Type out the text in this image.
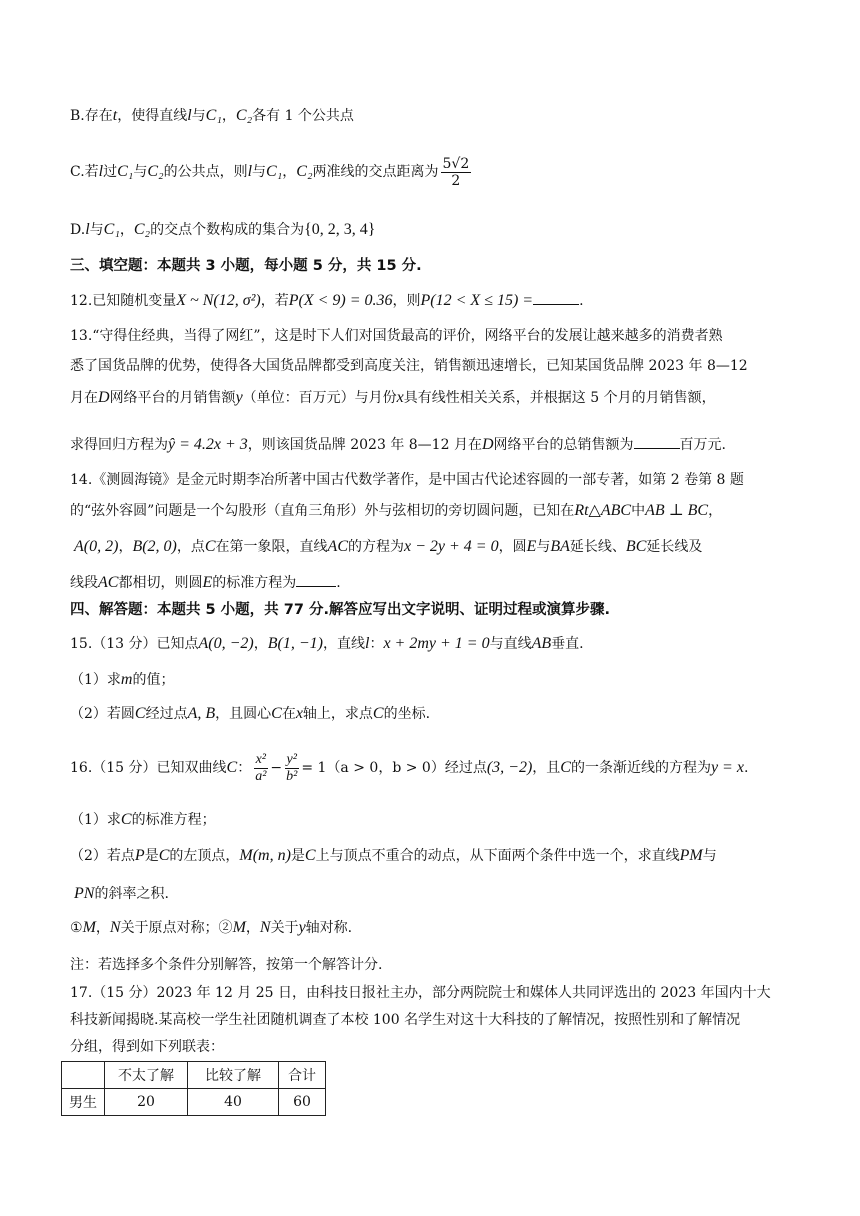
B.存在t，使得直线l与C₁，C₂各有 1 个公共点
C.若l过C₁与C₂的公共点，则l与C₁，C₂两准线的交点距离为 $\frac{5√2}{2}$
D.l与C₁，C₂的交点个数构成的集合为{0, 2, 3, 4}
三、填空题：本题共 3 小题，每小题 5 分，共 15 分.
12.已知随机变量X ~ N(12, σ²)，若P(X < 9) = 0.36，则P(12 < X ≤ 15) =	.
13.“守得住经典，当得了网红”，这是时下人们对国货最高的评价，网络平台的发展让越来越多的消费者熟
悉了国货品牌的优势，使得各大国货品牌都受到高度关注，销售额迅速增长，已知某国货品牌 2023 年 8—12
月在D网络平台的月销售额y（单位：百万元）与月份x具有线性相关关系，并根据这 5 个月的月销售额，
求得回归方程为ŷ = 4.2x + 3，则该国货品牌 2023 年 8—12 月在D网络平台的总销售额为	百万元.
14.《测圆海镜》是金元时期李冶所著中国古代数学著作，是中国古代论述容圆的一部专著，如第 2 卷第 8 题
的“弦外容圆”问题是一个勾股形（直角三角形）外与弦相切的旁切圆问题，已知在Rt△ABC中AB ⊥ BC，
A(0, 2)，B(2, 0)，点C在第一象限，直线AC的方程为x − 2y + 4 = 0，圆E与BA延长线、BC延长线及
线段AC都相切，则圆E的标准方程为	.
四、解答题：本题共 5 小题，共 77 分.解答应写出文字说明、证明过程或演算步骤.
15.（13 分）已知点A(0, −2)，B(1, −1)，直线l：x + 2my + 1 = 0与直线AB垂直.
（1）求m的值；
（2）若圆C经过点A, B，且圆心C在x轴上，求点C的坐标.
16.（15 分）已知双曲线C： $\frac{\text{x²}}{\text{a²}} - \frac{\text{y²}}{\text{b²}} = 1(a > 0$，b > 0）经过点(3, −2)，且C的一条渐近线的方程为y = x.
（1）求C的标准方程；
（2）若点P是C的左顶点，M(m, n)是C上与顶点不重合的动点，从下面两个条件中选一个，求直线PM与
PN的斜率之积.
①M，N关于原点对称；②M，N关于y轴对称.
注：若选择多个条件分别解答，按第一个解答计分.
17.（15 分）2023 年 12 月 25 日，由科技日报社主办，部分两院院士和媒体人共同评选出的 2023 年国内十大
科技新闻揭晓.某高校一学生社团随机调查了本校 100 名学生对这十大科技的了解情况，按照性别和了解情况
分组，得到如下列联表：
	不太了解	比较了解	合计
男生	20	40	60
